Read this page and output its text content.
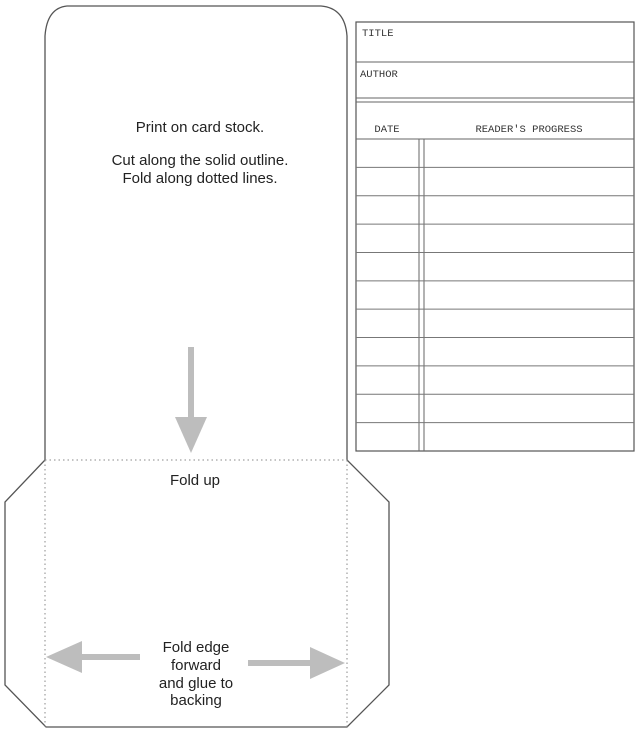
Print on card stock.
Cut along the solid outline.
Fold along dotted lines.
Fold up
Fold edge
forward
and glue to
backing
TITLE
AUTHOR
DATE	READER'S PROGRESS
